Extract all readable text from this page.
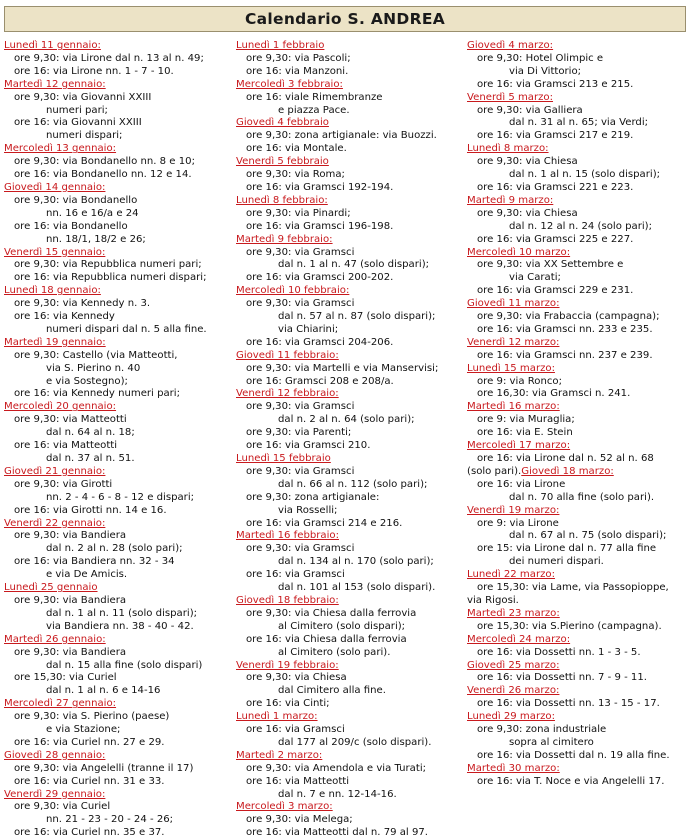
Calendario S. ANDREA
Lunedì 11 gennaio:
ore 9,30: via Lirone dal n. 13 al n. 49;
ore 16: via Lirone nn. 1 - 7 - 10.
Martedì 12 gennaio:
ore 9,30: via Giovanni XXIII
numeri pari;
ore 16: via Giovanni XXIII
numeri dispari;
Mercoledì 13 gennaio:
ore 9,30: via Bondanello nn. 8 e 10;
ore 16: via Bondanello nn. 12 e 14.
Giovedì 14 gennaio:
ore 9,30: via Bondanello
nn. 16 e 16/a e 24
ore 16: via Bondanello
nn. 18/1, 18/2 e 26;
Venerdì 15 gennaio:
ore 9,30: via Repubblica numeri pari;
ore 16: via Repubblica numeri dispari;
Lunedì 18 gennaio:
ore 9,30: via Kennedy n. 3.
ore 16: via Kennedy
numeri dispari dal n. 5 alla fine.
Martedì 19 gennaio:
ore 9,30: Castello (via Matteotti,
via S. Pierino n. 40
e via Sostegno);
ore 16: via Kennedy numeri pari;
Mercoledì 20 gennaio:
ore 9,30: via Matteotti
dal n. 64 al n. 18;
ore 16: via Matteotti
dal n. 37 al n. 51.
Giovedì 21 gennaio:
ore 9,30: via Girotti
nn. 2 - 4 - 6 - 8 - 12 e dispari;
ore 16: via Girotti nn. 14 e 16.
Venerdì 22 gennaio:
ore 9,30: via Bandiera
dal n. 2 al n. 28 (solo pari);
ore 16: via Bandiera nn. 32 - 34
e via De Amicis.
Lunedì 25 gennaio
ore 9,30: via Bandiera
dal n. 1 al n. 11 (solo dispari);
via Bandiera nn. 38 - 40 - 42.
Martedì 26 gennaio:
ore 9,30: via Bandiera
dal n. 15 alla fine (solo dispari)
ore 15,30: via Curiel
dal n. 1 al n. 6 e 14-16
Mercoledì 27 gennaio:
ore 9,30: via S. Pierino (paese)
e via Stazione;
ore 16: via Curiel nn. 27 e 29.
Giovedì 28 gennaio:
ore 9,30: via Angelelli (tranne il 17)
ore 16: via Curiel nn. 31 e 33.
Venerdì 29 gennaio:
ore 9,30: via Curiel
nn. 21 - 23 - 20 - 24 - 26;
ore 16: via Curiel nn. 35 e 37.
Lunedì 1 febbraio
ore 9,30: via Pascoli;
ore 16: via Manzoni.
Mercoledì 3 febbraio:
ore 16: viale Rimembranze
e piazza Pace.
Giovedì 4 febbraio
ore 9,30: zona artigianale: via Buozzi.
ore 16: via Montale.
Venerdì 5 febbraio
ore 9,30: via Roma;
ore 16: via Gramsci 192-194.
Lunedì 8 febbraio:
ore 9,30: via Pinardi;
ore 16: via Gramsci 196-198.
Martedì 9 febbraio:
ore 9,30: via Gramsci
dal n. 1 al n. 47 (solo dispari);
ore 16: via Gramsci 200-202.
Mercoledì 10 febbraio:
ore 9,30: via Gramsci
dal n. 57 al n. 87 (solo dispari);
via Chiarini;
ore 16: via Gramsci 204-206.
Giovedì 11 febbraio:
ore 9,30: via Martelli e via Manservisi;
ore 16: Gramsci 208 e 208/a.
Venerdì 12 febbraio:
ore 9,30: via Gramsci
dal n. 2 al n. 64 (solo pari);
ore 9,30: via Parenti;
ore 16: via Gramsci 210.
Lunedì 15 febbraio
ore 9,30: via Gramsci
dal n. 66 al n. 112 (solo pari);
ore 9,30: zona artigianale:
via Rosselli;
ore 16: via Gramsci 214 e 216.
Martedì 16 febbraio:
ore 9,30: via Gramsci
dal n. 134 al n. 170 (solo pari);
ore 16: via Gramsci
dal n. 101 al 153 (solo dispari).
Giovedì 18 febbraio:
ore 9,30: via Chiesa dalla ferrovia
al Cimitero (solo dispari);
ore 16: via Chiesa dalla ferrovia
al Cimitero (solo pari).
Venerdì 19 febbraio:
ore 9,30: via Chiesa
dal Cimitero alla fine.
ore 16: via Cinti;
Lunedì 1 marzo:
ore 16: via Gramsci
dal 177 al 209/c (solo dispari).
Martedì 2 marzo:
ore 9,30: via Amendola e via Turati;
ore 16: via Matteotti
dal n. 7 e nn. 12-14-16.
Mercoledì 3 marzo:
ore 9,30: via Melega;
ore 16: via Matteotti dal n. 79 al 97.
Giovedì 4 marzo:
ore 9,30: Hotel Olimpic e
via Di Vittorio;
ore 16: via Gramsci 213 e 215.
Venerdì 5 marzo:
ore 9,30: via Galliera
dal n. 31 al n. 65; via Verdi;
ore 16: via Gramsci 217 e 219.
Lunedì 8 marzo:
ore 9,30: via Chiesa
dal n. 1 al n. 15 (solo dispari);
ore 16: via Gramsci 221 e 223.
Martedì 9 marzo:
ore 9,30: via Chiesa
dal n. 12 al n. 24 (solo pari);
ore 16: via Gramsci 225 e 227.
Mercoledì 10 marzo:
ore 9,30: via XX Settembre e
via Carati;
ore 16: via Gramsci 229 e 231.
Giovedì 11 marzo:
ore 9,30: via Frabaccia (campagna);
ore 16: via Gramsci nn. 233 e 235.
Venerdì 12 marzo:
ore 16: via Gramsci nn. 237 e 239.
Lunedì 15 marzo:
ore 9: via Ronco;
ore 16,30: via Gramsci n. 241.
Martedì 16 marzo:
ore 9: via Muraglia;
ore 16: via E. Stein
Mercoledì 17 marzo:
ore 16: via Lirone dal n. 52 al n. 68
(solo pari).Giovedì 18 marzo:
ore 16: via Lirone
dal n. 70 alla fine (solo pari).
Venerdì 19 marzo:
ore 9: via Lirone
dal n. 67 al n. 75 (solo dispari);
ore 15: via Lirone dal n. 77 alla fine
dei numeri dispari.
Lunedì 22 marzo:
ore 15,30: via Lame, via Passopioppe,
via Rigosi.
Martedì 23 marzo:
ore 15,30: via S.Pierino (campagna).
Mercoledì 24 marzo:
ore 16: via Dossetti nn. 1 - 3 - 5.
Giovedì 25 marzo:
ore 16: via Dossetti nn. 7 - 9 - 11.
Venerdì 26 marzo:
ore 16: via Dossetti nn. 13 - 15 - 17.
Lunedì 29 marzo:
ore 9,30: zona industriale
sopra al cimitero
ore 16: via Dossetti dal n. 19 alla fine.
Martedì 30 marzo:
ore 16: via T. Noce e via Angelelli 17.
